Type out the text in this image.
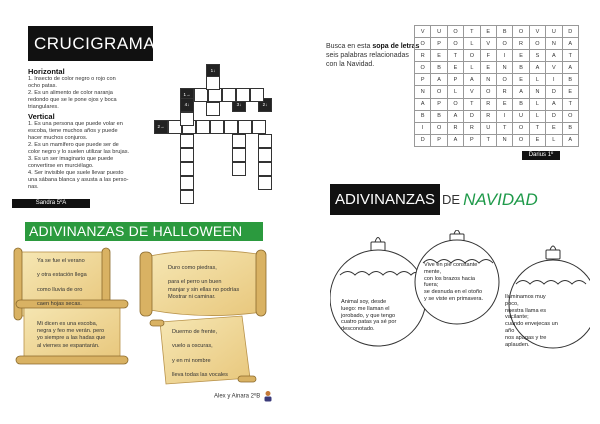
CRUCIGRAMA
Horizontal
1. Insecto de color negro o rojo con
ocho patas.
2. Es un alimento de color naranja
redondo que se le pone ojos y boca
triangulares.
Vertical
1. Es una persona que puede volar en
escoba, tiene muchos años y puede
hacer muchos conjuros.
2. Es un mamífero que puede ser de
color negro y lo suelen utilizar las brujas.
3. Es un ser imaginario que puede
convertirse en murciélago.
4. Ser invisible que suele llevar puesto
una sábana blanca y asusta a las perso-
nas.
Sandra 5ºA
1↓
1→
4↓	3↓	2↓
2→
Busca en esta sopa de letras seis palabras relacionadas con la Navidad.
V	U	O	T	E	B	O	V	U	D
O	P	O	L	V	O	R	O	N	A
R	E	T	O	F	I	E	S	A	T
O	B	E	L	E	N	B	A	V	A
P	A	P	A	N	O	E	L	I	B
N	O	L	V	O	R	A	N	D	E
A	P	O	T	R	E	B	L	A	T
B	B	A	D	R	I	U	L	D	O
I	O	R	R	U	T	O	T	E	B
D	P	A	P	T	N	O	E	L	A
Darius 1º
ADIVINANZAS DE NAVIDAD
Animal soy, desde
luego: me llaman el
jorobado, y que tengo
cuatro patas ya sé por
desconotado.
Vive en pie constante
mente,
con los brazos hacia
fuera;
se desnuda en el otoño
y se viste en primavera.	Iluminamos muy
poco,
nuestra llama es
vacilante;
cuando envejecas un
año
nos apagas y tre
aplauden.
ADIVINANZAS DE HALLOWEEN
Ya se fue el verano

y otra estación llega

como lluvia de oro

caen hojas secas.
Duro como piedras,

para el perro un buen
manjar y sin ellas no podrías
Mostrar ni caminar.
Mi dicen es una escoba,
negra y feo me verán. pero
yo siempre a las hadas que
al viernes se espantarán.
Duermo de frente,

vuelo a oscuras,

y en mi nombre

lleva todas las vocales
Alex y Ainara 2ºB
